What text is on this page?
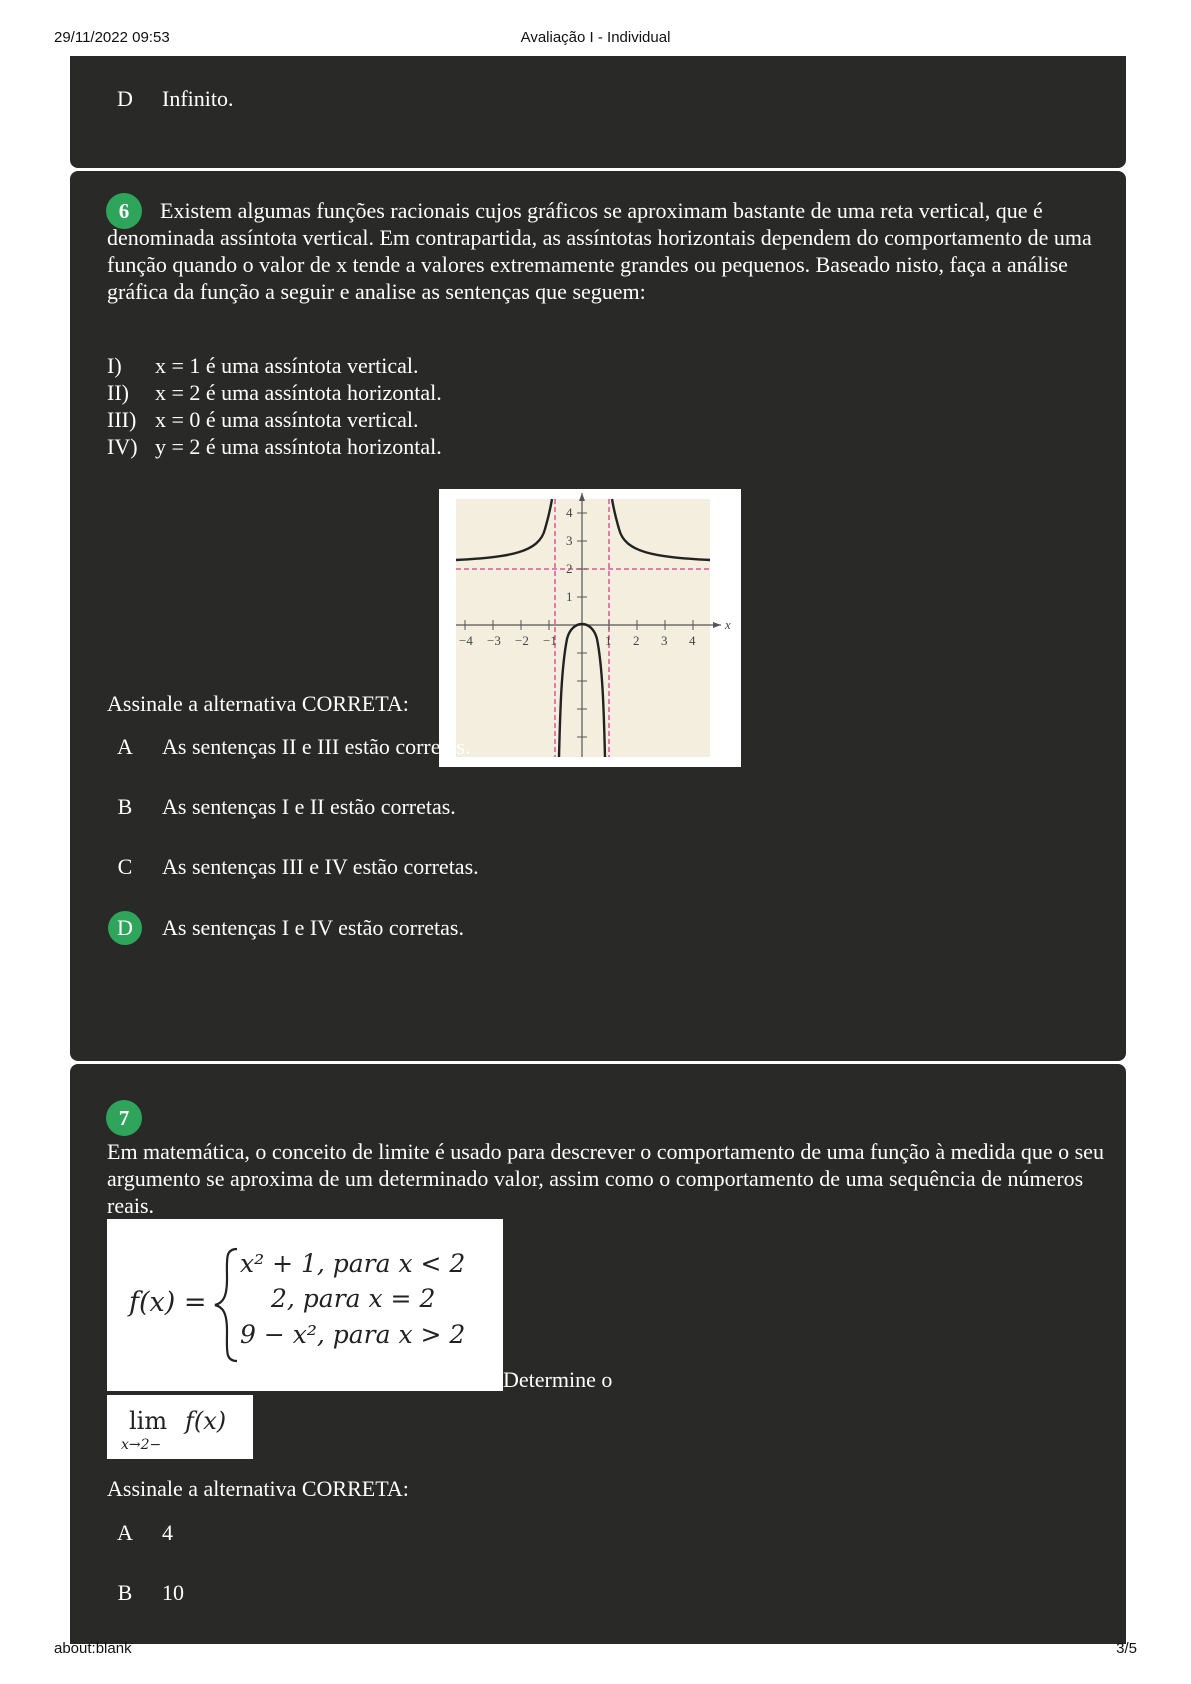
29/11/2022 09:53	Avaliação I - Individual
D	Infinito.
6	Existem algumas funções racionais cujos gráficos se aproximam bastante de uma reta vertical, que é denominada assíntota vertical. Em contrapartida, as assíntotas horizontais dependem do comportamento de uma função quando o valor de x tende a valores extremamente grandes ou pequenos. Baseado nisto, faça a análise gráfica da função a seguir e analise as sentenças que seguem:
I) x = 1 é uma assíntota vertical.
II) x = 2 é uma assíntota horizontal.
III) x = 0 é uma assíntota vertical.
IV) y = 2 é uma assíntota horizontal.
−4 −3 −2 −1	1 2 3 4
4
3
2
1
x
Assinale a alternativa CORRETA:
A	As sentenças II e III estão corretas.
B	As sentenças I e II estão corretas.
C	As sentenças III e IV estão corretas.
D	As sentenças I e IV estão corretas.
7
Em matemática, o conceito de limite é usado para descrever o comportamento de uma função à medida que o seu argumento se aproxima de um determinado valor, assim como o comportamento de uma sequência de números reais.
f(x) =
x² + 1, para x < 2
2, para x = 2
9 − x², para x > 2
Determine o
lim
x→2−
f(x)
Assinale a alternativa CORRETA:
A	4
B	10
about:blank	3/5
